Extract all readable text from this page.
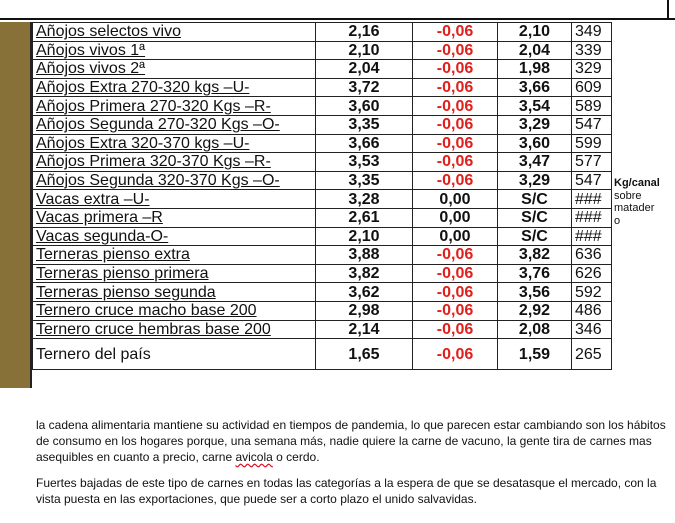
Añojos selectos vivo	2,16	-0,06	2,10	349
Añojos vivos 1ª	2,10	-0,06	2,04	339
Añojos vivos 2ª	2,04	-0,06	1,98	329
Añojos Extra 270-320 kgs –U-	3,72	-0,06	3,66	609
Añojos Primera 270-320 Kgs –R-	3,60	-0,06	3,54	589
Añojos Segunda 270-320 Kgs –O-	3,35	-0,06	3,29	547
Añojos Extra 320-370 kgs –U-	3,66	-0,06	3,60	599
Añojos Primera 320-370 Kgs –R-	3,53	-0,06	3,47	577
Añojos Segunda 320-370 Kgs –O-	3,35	-0,06	3,29	547
Vacas extra –U-	3,28	0,00	S/C	###
Vacas primera –R	2,61	0,00	S/C	###
Vacas segunda-O-	2,10	0,00	S/C	###
Terneras pienso extra	3,88	-0,06	3,82	636
Terneras pienso primera	3,82	-0,06	3,76	626
Terneras pienso segunda	3,62	-0,06	3,56	592
Ternero cruce macho base 200	2,98	-0,06	2,92	486
Ternero cruce hembras base 200	2,14	-0,06	2,08	346
Ternero del país	1,65	-0,06	1,59	265
Kg/canal
sobre
matader
o

la cadena alimentaria mantiene su actividad en tiempos de pandemia, lo que parecen estar cambiando son los hábitos de consumo en los hogares porque, una semana más, nadie quiere la carne de vacuno, la gente tira de carnes mas asequibles en cuanto a precio, carne avicola o cerdo.

Fuertes bajadas de este tipo de carnes en todas las categorías a la espera de que se desatasque el mercado, con la vista puesta en las exportaciones, que puede ser a corto plazo el unido salvavidas.
